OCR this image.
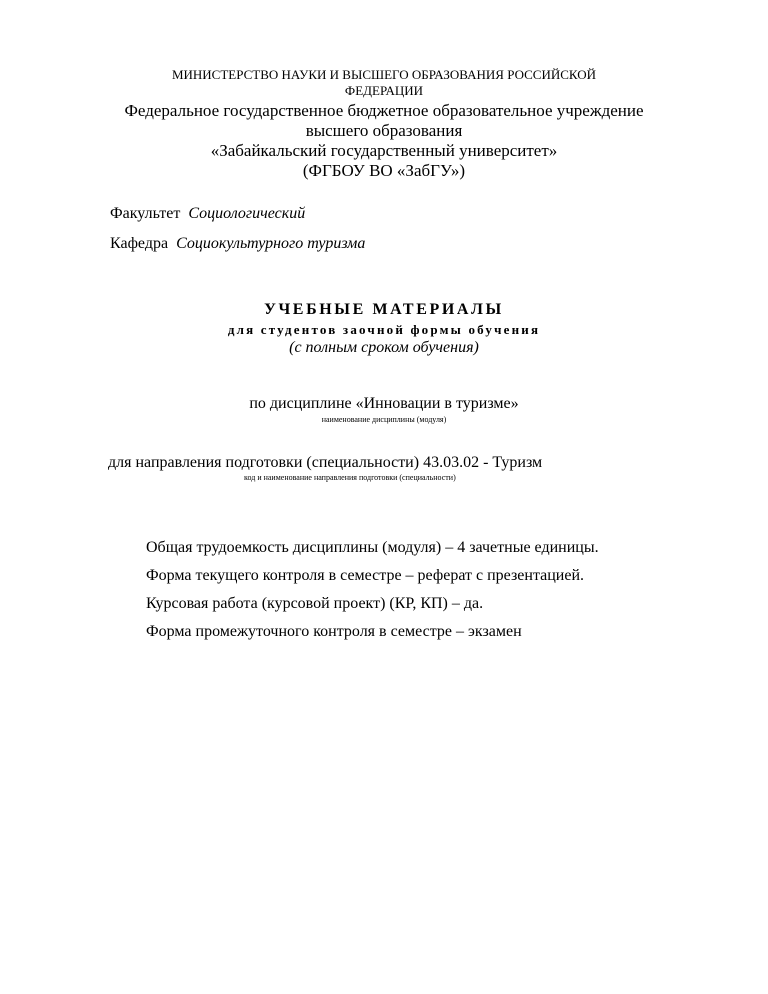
МИНИСТЕРСТВО НАУКИ И ВЫСШЕГО ОБРАЗОВАНИЯ РОССИЙСКОЙ
ФЕДЕРАЦИИ
Федеральное государственное бюджетное образовательное учреждение
высшего образования
«Забайкальский государственный университет»
(ФГБОУ ВО «ЗабГУ»)
Факультет Социологический
Кафедра Социокультурного туризма
УЧЕБНЫЕ МАТЕРИАЛЫ
для студентов заочной формы обучения
(с полным сроком обучения)
по дисциплине «Инновации в туризме»
наименование дисциплины (модуля)
для направления подготовки (специальности) 43.03.02 - Туризм
код и наименование направления подготовки (специальности)
Общая трудоемкость дисциплины (модуля) – 4 зачетные единицы.
Форма текущего контроля в семестре – реферат с презентацией.
Курсовая работа (курсовой проект) (КР, КП) – да.
Форма промежуточного контроля в семестре – экзамен
